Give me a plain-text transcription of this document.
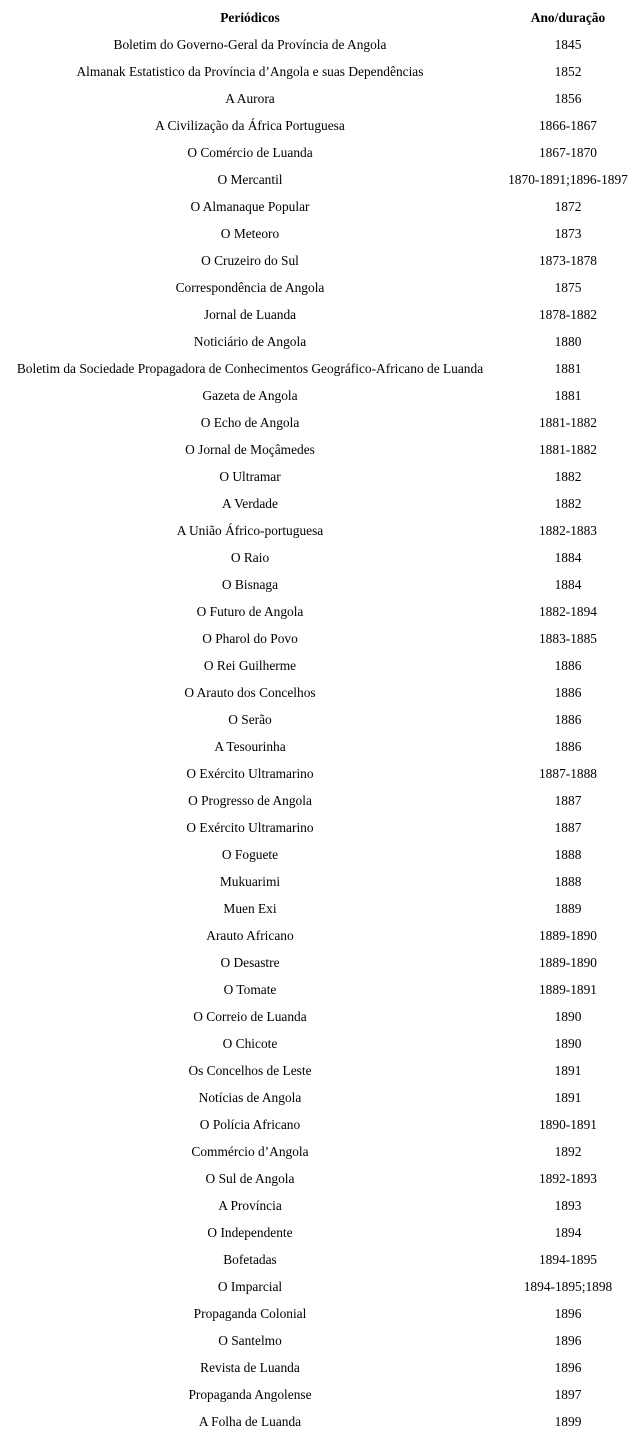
Periódicos	Ano/duração
Boletim do Governo-Geral da Província de Angola	1845
Almanak Estatistico da Província d’Angola e suas Dependências	1852
A Aurora	1856
A Civilização da África Portuguesa	1866-1867
O Comércio de Luanda	1867-1870
O Mercantil	1870-1891;1896-1897
O Almanaque Popular	1872
O Meteoro	1873
O Cruzeiro do Sul	1873-1878
Correspondência de Angola	1875
Jornal de Luanda	1878-1882
Noticiário de Angola	1880
Boletim da Sociedade Propagadora de Conhecimentos Geográfico-Africano de Luanda	1881
Gazeta de Angola	1881
O Echo de Angola	1881-1882
O Jornal de Moçâmedes	1881-1882
O Ultramar	1882
A Verdade	1882
A União Áfrico-portuguesa	1882-1883
O Raio	1884
O Bisnaga	1884
O Futuro de Angola	1882-1894
O Pharol do Povo	1883-1885
O Rei Guilherme	1886
O Arauto dos Concelhos	1886
O Serão	1886
A Tesourinha	1886
O Exército Ultramarino	1887-1888
O Progresso de Angola	1887
O Exército Ultramarino	1887
O Foguete	1888
Mukuarimi	1888
Muen Exi	1889
Arauto Africano	1889-1890
O Desastre	1889-1890
O Tomate	1889-1891
O Correio de Luanda	1890
O Chicote	1890
Os Concelhos de Leste	1891
Notícias de Angola	1891
O Polícia Africano	1890-1891
Commércio d’Angola	1892
O Sul de Angola	1892-1893
A Província	1893
O Independente	1894
Bofetadas	1894-1895
O Imparcial	1894-1895;1898
Propaganda Colonial	1896
O Santelmo	1896
Revista de Luanda	1896
Propaganda Angolense	1897
A Folha de Luanda	1899
